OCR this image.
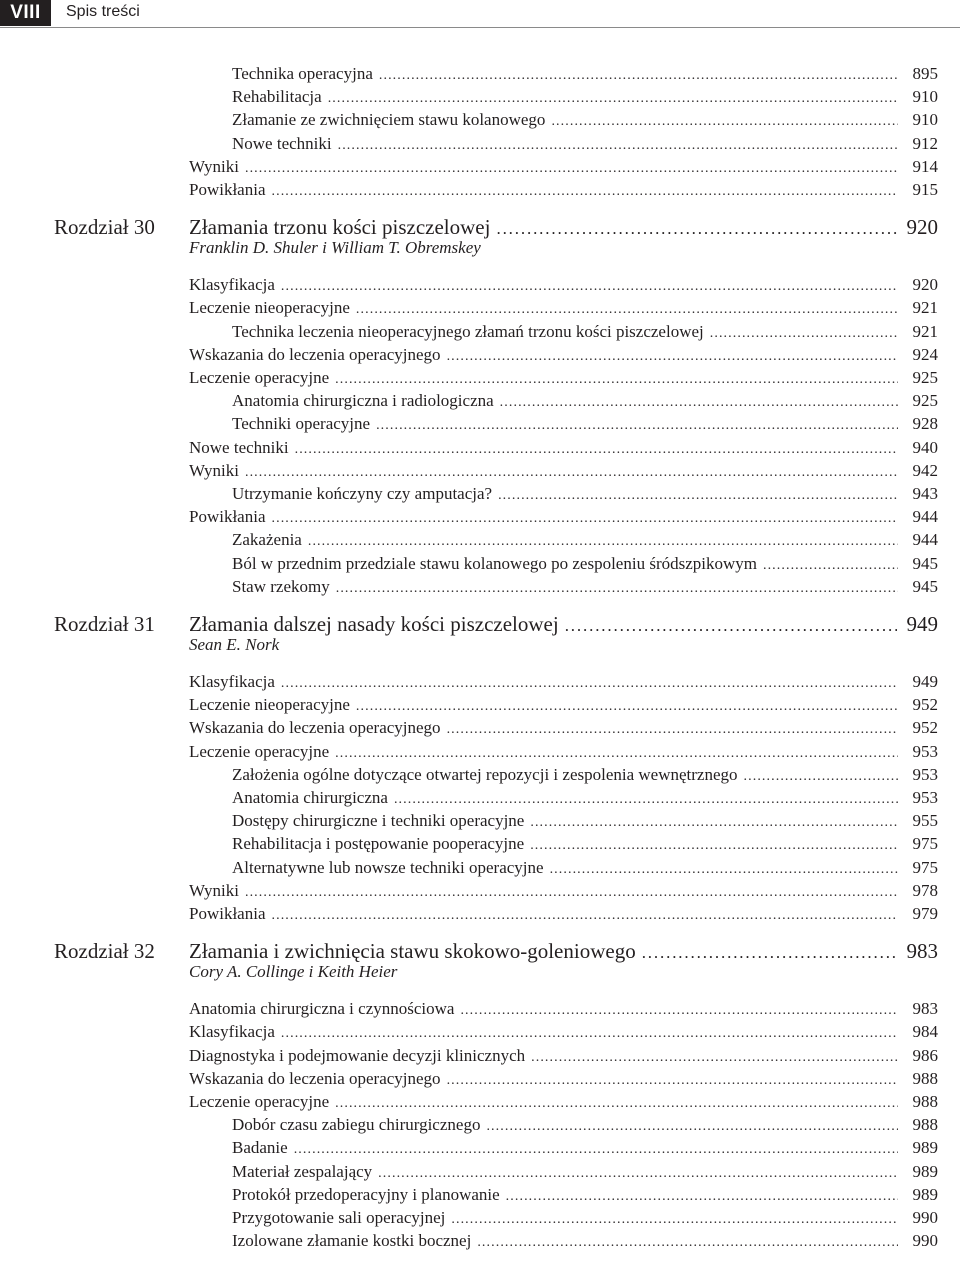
VIII	Spis treści
Technika operacyjna . . .	895
Rehabilitacja . . .	910
Złamanie ze zwichnięciem stawu kolanowego . . .	910
Nowe techniki . . .	912
Wyniki . . .	914
Powikłania . . .	915
Rozdział 30	Złamania trzonu kości piszczelowej . . .	920
Franklin D. Shuler i William T. Obremskey
Klasyfikacja . . .	920
Leczenie nieoperacyjne . . .	921
Technika leczenia nieoperacyjnego złamań trzonu kości piszczelowej . . .	921
Wskazania do leczenia operacyjnego . . .	924
Leczenie operacyjne . . .	925
Anatomia chirurgiczna i radiologiczna . . .	925
Techniki operacyjne . . .	928
Nowe techniki . . .	940
Wyniki . . .	942
Utrzymanie kończyny czy amputacja? . . .	943
Powikłania . . .	944
Zakażenia . . .	944
Ból w przednim przedziale stawu kolanowego po zespoleniu śródszpikowym . . .	945
Staw rzekomy . . .	945
Rozdział 31	Złamania dalszej nasady kości piszczelowej . . .	949
Sean E. Nork
Klasyfikacja . . .	949
Leczenie nieoperacyjne . . .	952
Wskazania do leczenia operacyjnego . . .	952
Leczenie operacyjne . . .	953
Założenia ogólne dotyczące otwartej repozycji i zespolenia wewnętrznego . . .	953
Anatomia chirurgiczna . . .	953
Dostępy chirurgiczne i techniki operacyjne . . .	955
Rehabilitacja i postępowanie pooperacyjne . . .	975
Alternatywne lub nowsze techniki operacyjne . . .	975
Wyniki . . .	978
Powikłania . . .	979
Rozdział 32	Złamania i zwichnięcia stawu skokowo-goleniowego . . .	983
Cory A. Collinge i Keith Heier
Anatomia chirurgiczna i czynnościowa . . .	983
Klasyfikacja . . .	984
Diagnostyka i podejmowanie decyzji klinicznych . . .	986
Wskazania do leczenia operacyjnego . . .	988
Leczenie operacyjne . . .	988
Dobór czasu zabiegu chirurgicznego . . .	988
Badanie . . .	989
Materiał zespalający . . .	989
Protokół przedoperacyjny i planowanie . . .	989
Przygotowanie sali operacyjnej . . .	990
Izolowane złamanie kostki bocznej . . .	990
